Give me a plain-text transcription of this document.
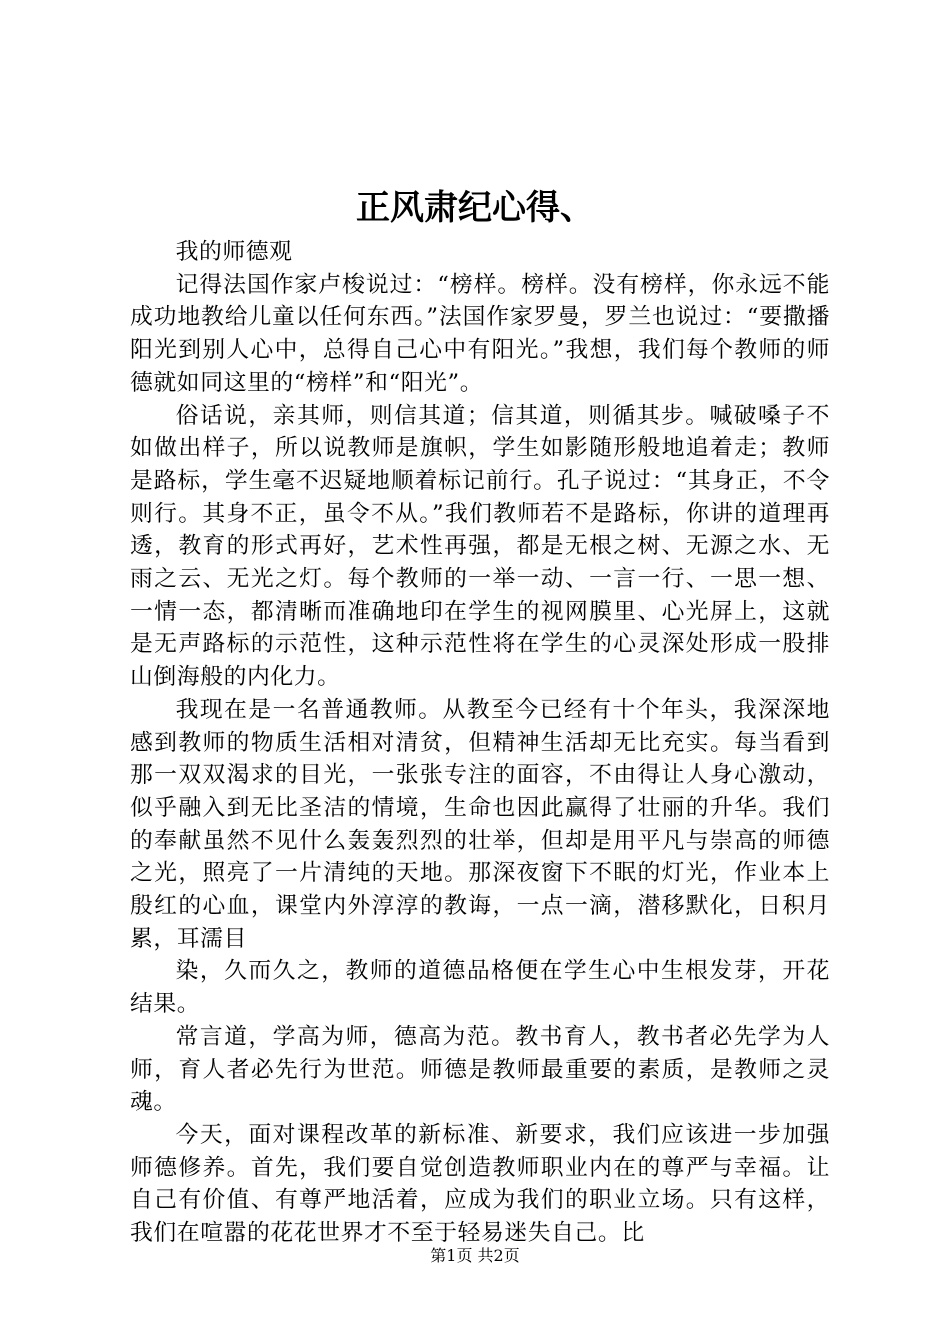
正风肃纪心得、

我的师德观

记得法国作家卢梭说过：“榜样。榜样。没有榜样，你永远不能成功地教给儿童以任何东西。”法国作家罗曼，罗兰也说过：“要撒播阳光到别人心中，总得自己心中有阳光。”我想，我们每个教师的师德就如同这里的“榜样”和“阳光”。

俗话说，亲其师，则信其道；信其道，则循其步。喊破嗓子不如做出样子，所以说教师是旗帜，学生如影随形般地追着走；教师是路标，学生毫不迟疑地顺着标记前行。孔子说过：“其身正，不令则行。其身不正，虽令不从。”我们教师若不是路标，你讲的道理再透，教育的形式再好，艺术性再强，都是无根之树、无源之水、无雨之云、无光之灯。每个教师的一举一动、一言一行、一思一想、一情一态，都清晰而准确地印在学生的视网膜里、心光屏上，这就是无声路标的示范性，这种示范性将在学生的心灵深处形成一股排山倒海般的内化力。

我现在是一名普通教师。从教至今已经有十个年头，我深深地感到教师的物质生活相对清贫，但精神生活却无比充实。每当看到那一双双渴求的目光，一张张专注的面容，不由得让人身心激动，似乎融入到无比圣洁的情境，生命也因此赢得了壮丽的升华。我们的奉献虽然不见什么轰轰烈烈的壮举，但却是用平凡与崇高的师德之光，照亮了一片清纯的天地。那深夜窗下不眠的灯光，作业本上殷红的心血，课堂内外淳淳的教诲，一点一滴，潜移默化，日积月累，耳濡目

染，久而久之，教师的道德品格便在学生心中生根发芽，开花结果。

常言道，学高为师，德高为范。教书育人，教书者必先学为人师，育人者必先行为世范。师德是教师最重要的素质，是教师之灵魂。

今天，面对课程改革的新标准、新要求，我们应该进一步加强师德修养。首先，我们要自觉创造教师职业内在的尊严与幸福。让自己有价值、有尊严地活着，应成为我们的职业立场。只有这样，我们在喧嚣的花花世界才不至于轻易迷失自己。比

第1页 共2页
